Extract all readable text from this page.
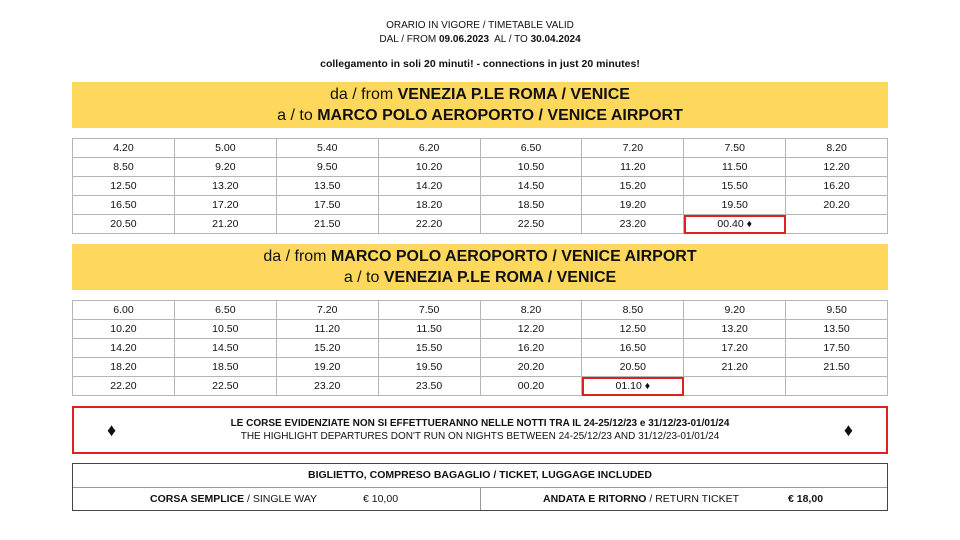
ORARIO IN VIGORE / TIMETABLE VALID
DAL / FROM 09.06.2023 AL / TO 30.04.2024
collegamento in soli 20 minuti! - connections in just 20 minutes!
da / from VENEZIA P.LE ROMA / VENICE
a / to MARCO POLO AEROPORTO / VENICE AIRPORT
4.20	5.00	5.40	6.20	6.50	7.20	7.50	8.20
8.50	9.20	9.50	10.20	10.50	11.20	11.50	12.20
12.50	13.20	13.50	14.20	14.50	15.20	15.50	16.20
16.50	17.20	17.50	18.20	18.50	19.20	19.50	20.20
20.50	21.20	21.50	22.20	22.50	23.20	00.40 ♦	
da / from MARCO POLO AEROPORTO / VENICE AIRPORT
a / to VENEZIA P.LE ROMA / VENICE
6.00	6.50	7.20	7.50	8.20	8.50	9.20	9.50
10.20	10.50	11.20	11.50	12.20	12.50	13.20	13.50
14.20	14.50	15.20	15.50	16.20	16.50	17.20	17.50
18.20	18.50	19.20	19.50	20.20	20.50	21.20	21.50
22.20	22.50	23.20	23.50	00.20	01.10 ♦		
♦	LE CORSE EVIDENZIATE NON SI EFFETTUERANNO NELLE NOTTI TRA IL 24-25/12/23 e 31/12/23-01/01/24
THE HIGHLIGHT DEPARTURES DON'T RUN ON NIGHTS BETWEEN 24-25/12/23 AND 31/12/23-01/01/24	♦
BIGLIETTO, COMPRESO BAGAGLIO / TICKET, LUGGAGE INCLUDED
CORSA SEMPLICE / SINGLE WAY	€ 10,00	ANDATA E RITORNO / RETURN TICKET	€ 18,00
